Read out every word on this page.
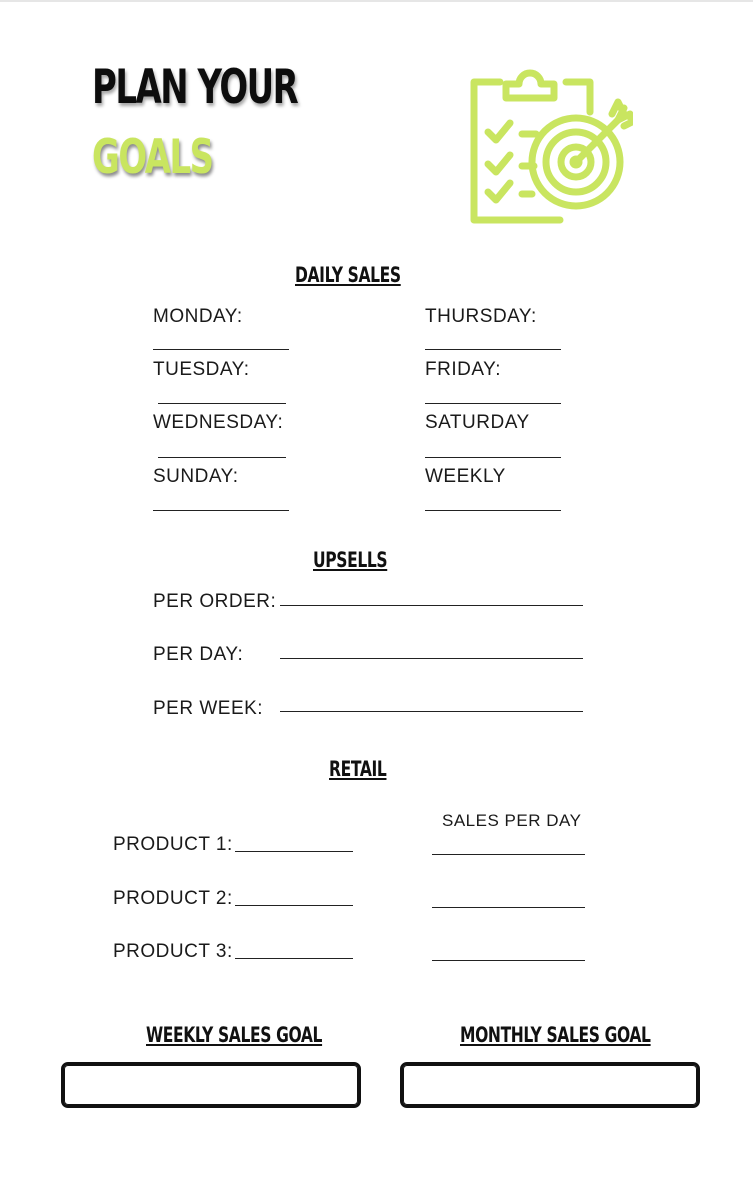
PLAN YOUR
GOALS
DAILY SALES
MONDAY:
TUESDAY:
WEDNESDAY:
SUNDAY:
THURSDAY:
FRIDAY:
SATURDAY
WEEKLY
UPSELLS
PER ORDER:
PER DAY:
PER WEEK:
RETAIL
SALES PER DAY
PRODUCT 1:
PRODUCT 2:
PRODUCT 3:
WEEKLY SALES GOAL	MONTHLY SALES GOAL
